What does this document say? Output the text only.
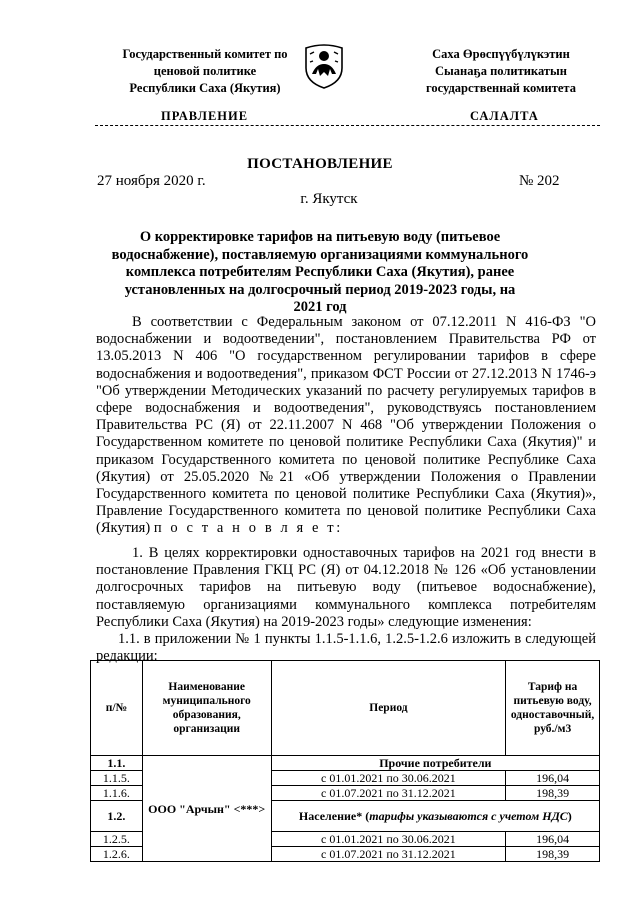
Государственный комитет по
ценовой политике
Республики Саха (Якутия)
Саха Өрөспүүбүлүкэтин
Сыанаҕа политикатын
государственнай комитета
ПРАВЛЕНИЕ	САЛАЛТА
ПОСТАНОВЛЕНИЕ
27 ноября 2020 г.	№ 202
г. Якутск
О корректировке тарифов на питьевую воду (питьевое водоснабжение), поставляемую организациями коммунального комплекса потребителям Республики Саха (Якутия), ранее установленных на долгосрочный период 2019-2023 годы, на 2021 год
В соответствии с Федеральным законом от 07.12.2011 N 416-ФЗ "О водоснабжении и водоотведении", постановлением Правительства РФ от 13.05.2013 N 406 "О государственном регулировании тарифов в сфере водоснабжения и водоотведения", приказом ФСТ России от 27.12.2013 N 1746-э "Об утверждении Методических указаний по расчету регулируемых тарифов в сфере водоснабжения и водоотведения", руководствуясь постановлением Правительства РС (Я) от 22.11.2007 N 468 "Об утверждении Положения о Государственном комитете по ценовой политике Республики Саха (Якутия)" и приказом Государственного комитета по ценовой политике Республике Саха (Якутия) от 25.05.2020 №21 «Об утверждении Положения о Правлении Государственного комитета по ценовой политике Республики Саха (Якутия)», Правление Государственного комитета по ценовой политике Республики Саха (Якутия) п о с т а н о в л я е т:
1. В целях корректировки одноставочных тарифов на 2021 год внести в постановление Правления ГКЦ РС (Я) от 04.12.2018 № 126 «Об установлении долгосрочных тарифов на питьевую воду (питьевое водоснабжение), поставляемую организациями коммунального комплекса потребителям Республики Саха (Якутия) на 2019-2023 годы» следующие изменения:
1.1. в приложении № 1 пункты 1.1.5-1.1.6, 1.2.5-1.2.6 изложить в следующей редакции:
п/№	Наименование муниципального образования, организации	Период	Тариф на питьевую воду, одноставочный, руб./м3
1.1.	ООО "Арчын" <***>	Прочие потребители	
1.1.5.		с 01.01.2021 по 30.06.2021	196,04
1.1.6.		с 01.07.2021 по 31.12.2021	198,39
1.2.		Население* (тарифы указываются с учетом НДС)	
1.2.5.		с 01.01.2021 по 30.06.2021	196,04
1.2.6.		с 01.07.2021 по 31.12.2021	198,39
